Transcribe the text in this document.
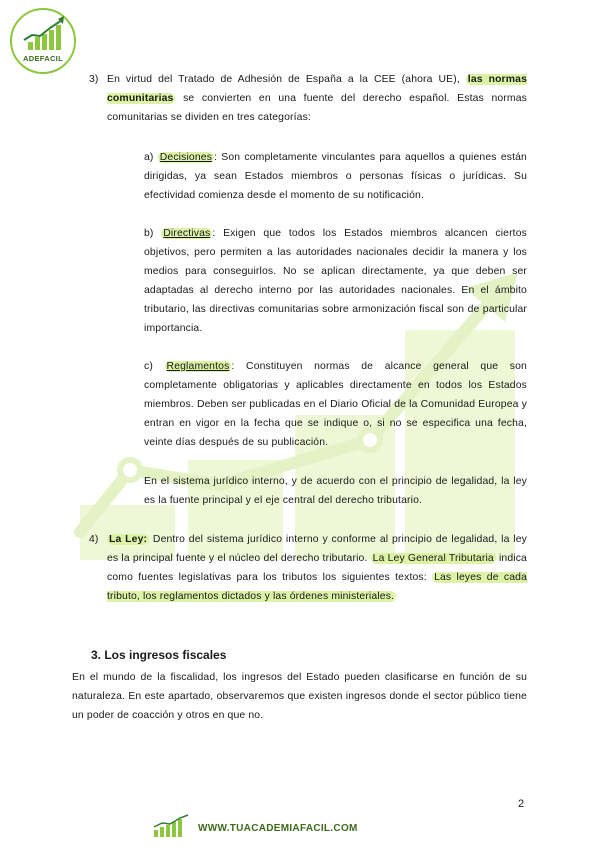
ADEFACIL
3) En virtud del Tratado de Adhesión de España a la CEE (ahora UE), las normas comunitarias se convierten en una fuente del derecho español. Estas normas comunitarias se dividen en tres categorías:

a) Decisiones : Son completamente vinculantes para aquellos a quienes están dirigidas, ya sean Estados miembros o personas físicas o jurídicas. Su efectividad comienza desde el momento de su notificación.

b) Directivas : Exigen que todos los Estados miembros alcancen ciertos objetivos, pero permiten a las autoridades nacionales decidir la manera y los medios para conseguirlos. No se aplican directamente, ya que deben ser adaptadas al derecho interno por las autoridades nacionales. En el ámbito tributario, las directivas comunitarias sobre armonización fiscal son de particular importancia.

c) Reglamentos : Constituyen normas de alcance general que son completamente obligatorias y aplicables directamente en todos los Estados miembros. Deben ser publicadas en el Diario Oficial de la Comunidad Europea y entran en vigor en la fecha que se indique o, si no se especifica una fecha, veinte días después de su publicación.

En el sistema jurídico interno, y de acuerdo con el principio de legalidad, la ley es la fuente principal y el eje central del derecho tributario.

4) La Ley: Dentro del sistema jurídico interno y conforme al principio de legalidad, la ley es la principal fuente y el núcleo del derecho tributario. La Ley General Tributaria indica como fuentes legislativas para los tributos los siguientes textos: Las leyes de cada tributo, los reglamentos dictados y las órdenes ministeriales.

3. Los ingresos fiscales

En el mundo de la fiscalidad, los ingresos del Estado pueden clasificarse en función de su naturaleza. En este apartado, observaremos que existen ingresos donde el sector público tiene un poder de coacción y otros en que no.

2
WWW.TUACADEMIAFACIL.COM
